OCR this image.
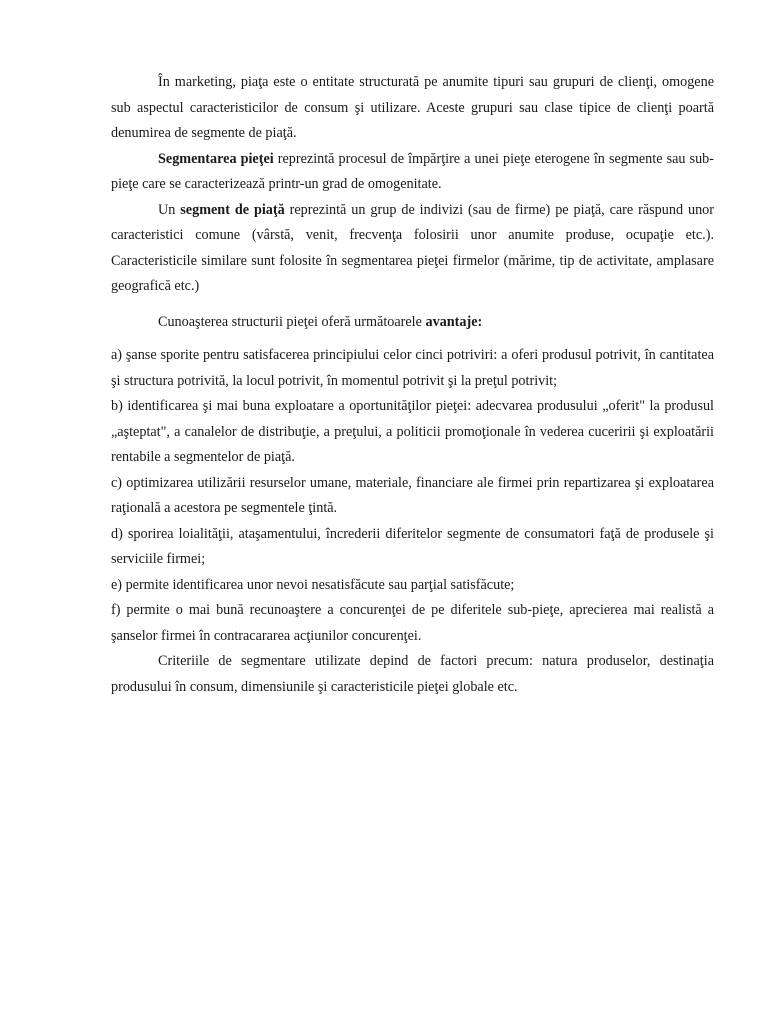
În marketing, piaţa este o entitate structurată pe anumite tipuri sau grupuri de clienţi, omogene sub aspectul caracteristicilor de consum şi utilizare. Aceste grupuri sau clase tipice de clienţi poartă denumirea de segmente de piaţă.

Segmentarea pieţei reprezintă procesul de împărţire a unei pieţe eterogene în segmente sau sub-pieţe care se caracterizează printr-un grad de omogenitate.

Un segment de piaţă reprezintă un grup de indivizi (sau de firme) pe piaţă, care răspund unor caracteristici comune (vârstă, venit, frecvenţa folosirii unor anumite produse, ocupaţie etc.). Caracteristicile similare sunt folosite în segmentarea pieţei firmelor (mărime, tip de activitate, amplasare geografică etc.)

Cunoaşterea structurii pieţei oferă următoarele avantaje:

a) şanse sporite pentru satisfacerea principiului celor cinci potriviri: a oferi produsul potrivit, în cantitatea şi structura potrivită, la locul potrivit, în momentul potrivit şi la preţul potrivit;

b) identificarea şi mai buna exploatare a oportunităţilor pieţei: adecvarea produsului „oferit" la produsul „aşteptat", a canalelor de distribuţie, a preţului, a politicii promoţionale în vederea cuceririi şi exploatării rentabile a segmentelor de piaţă.

c) optimizarea utilizării resurselor umane, materiale, financiare ale firmei prin repartizarea şi exploatarea raţională a acestora pe segmentele ţintă.

d) sporirea loialităţii, ataşamentului, încrederii diferitelor segmente de consumatori faţă de produsele şi serviciile firmei;

e) permite identificarea unor nevoi nesatisfăcute sau parţial satisfăcute;

f) permite o mai bună recunoaştere a concurenţei de pe diferitele sub-pieţe, aprecierea mai realistă a şanselor firmei în contracararea acţiunilor concurenţei.

Criteriile de segmentare utilizate depind de factori precum: natura produselor, destinaţia produsului în consum, dimensiunile şi caracteristicile pieţei globale etc.
